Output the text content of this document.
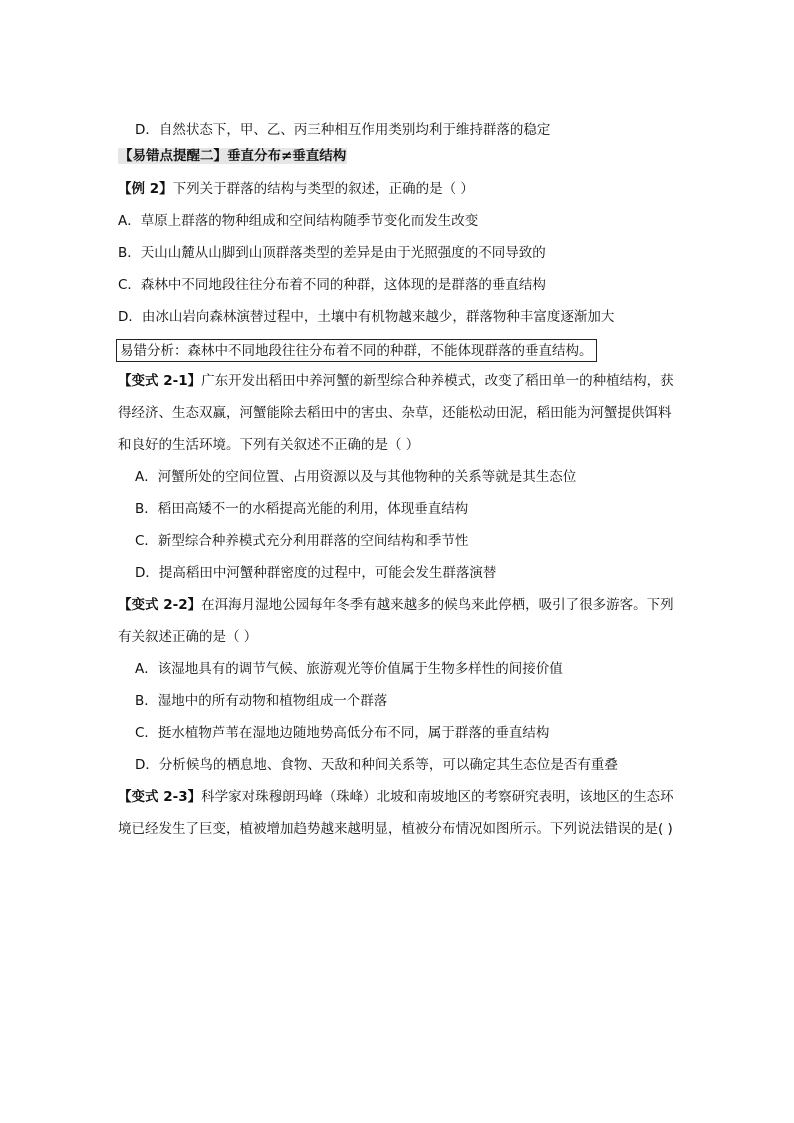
D．自然状态下，甲、乙、丙三种相互作用类别均利于维持群落的稳定
【易错点提醒二】垂直分布≠垂直结构
【例 2】下列关于群落的结构与类型的叙述，正确的是（ ）
A．草原上群落的物种组成和空间结构随季节变化而发生改变
B．天山山麓从山脚到山顶群落类型的差异是由于光照强度的不同导致的
C．森林中不同地段往往分布着不同的种群，这体现的是群落的垂直结构
D．由冰山岩向森林演替过程中，土壤中有机物越来越少，群落物种丰富度逐渐加大
易错分析：森林中不同地段往往分布着不同的种群，不能体现群落的垂直结构。
【变式 2-1】广东开发出稻田中养河蟹的新型综合种养模式，改变了稻田单一的种植结构，获
得经济、生态双赢，河蟹能除去稻田中的害虫、杂草，还能松动田泥，稻田能为河蟹提供饵料
和良好的生活环境。下列有关叙述不正确的是（ ）
A．河蟹所处的空间位置、占用资源以及与其他物种的关系等就是其生态位
B．稻田高矮不一的水稻提高光能的利用，体现垂直结构
C．新型综合种养模式充分利用群落的空间结构和季节性
D．提高稻田中河蟹种群密度的过程中，可能会发生群落演替
【变式 2-2】在洱海月湿地公园每年冬季有越来越多的候鸟来此停栖，吸引了很多游客。下列
有关叙述正确的是（ ）
A．该湿地具有的调节气候、旅游观光等价值属于生物多样性的间接价值
B．湿地中的所有动物和植物组成一个群落
C．挺水植物芦苇在湿地边随地势高低分布不同，属于群落的垂直结构
D．分析候鸟的栖息地、食物、天敌和种间关系等，可以确定其生态位是否有重叠
【变式 2-3】科学家对珠穆朗玛峰（珠峰）北坡和南坡地区的考察研究表明，该地区的生态环
境已经发生了巨变，植被增加趋势越来越明显，植被分布情况如图所示。下列说法错误的是( )
